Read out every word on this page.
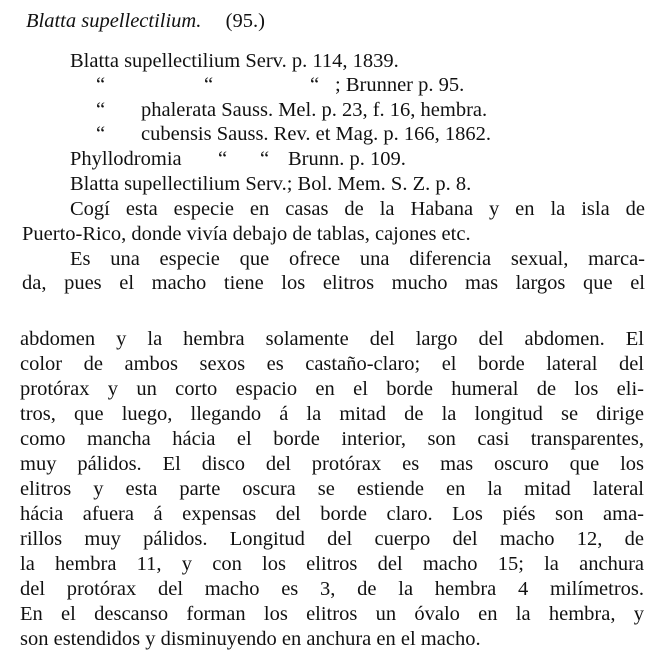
Blatta supellectilium. (95.)
Blatta supellectilium Serv. p. 114, 1839.
“	“	“ ; Brunner p. 95.
“ phalerata Sauss. Mel. p. 23, f. 16, hembra.
“ cubensis Sauss. Rev. et Mag. p. 166, 1862.
Phyllodromia “ “ Brunn. p. 109.
Blatta supellectilium Serv.; Bol. Mem. S. Z. p. 8.
Cogí esta especie en casas de la Habana y en la isla de
Puerto-Rico, donde vivía debajo de tablas, cajones etc.
Es una especie que ofrece una diferencia sexual, marca-
da, pues el macho tiene los elitros mucho mas largos que el
abdomen y la hembra solamente del largo del abdomen. El
color de ambos sexos es castaño-claro; el borde lateral del
protórax y un corto espacio en el borde humeral de los eli-
tros, que luego, llegando á la mitad de la longitud se dirige
como mancha hácia el borde interior, son casi transparentes,
muy pálidos. El disco del protórax es mas oscuro que los
elitros y esta parte oscura se estiende en la mitad lateral
hácia afuera á expensas del borde claro. Los piés son ama-
rillos muy pálidos. Longitud del cuerpo del macho 12, de
la hembra 11, y con los elitros del macho 15; la anchura
del protórax del macho es 3, de la hembra 4 milímetros.
En el descanso forman los elitros un óvalo en la hembra, y
son estendidos y disminuyendo en anchura en el macho.
